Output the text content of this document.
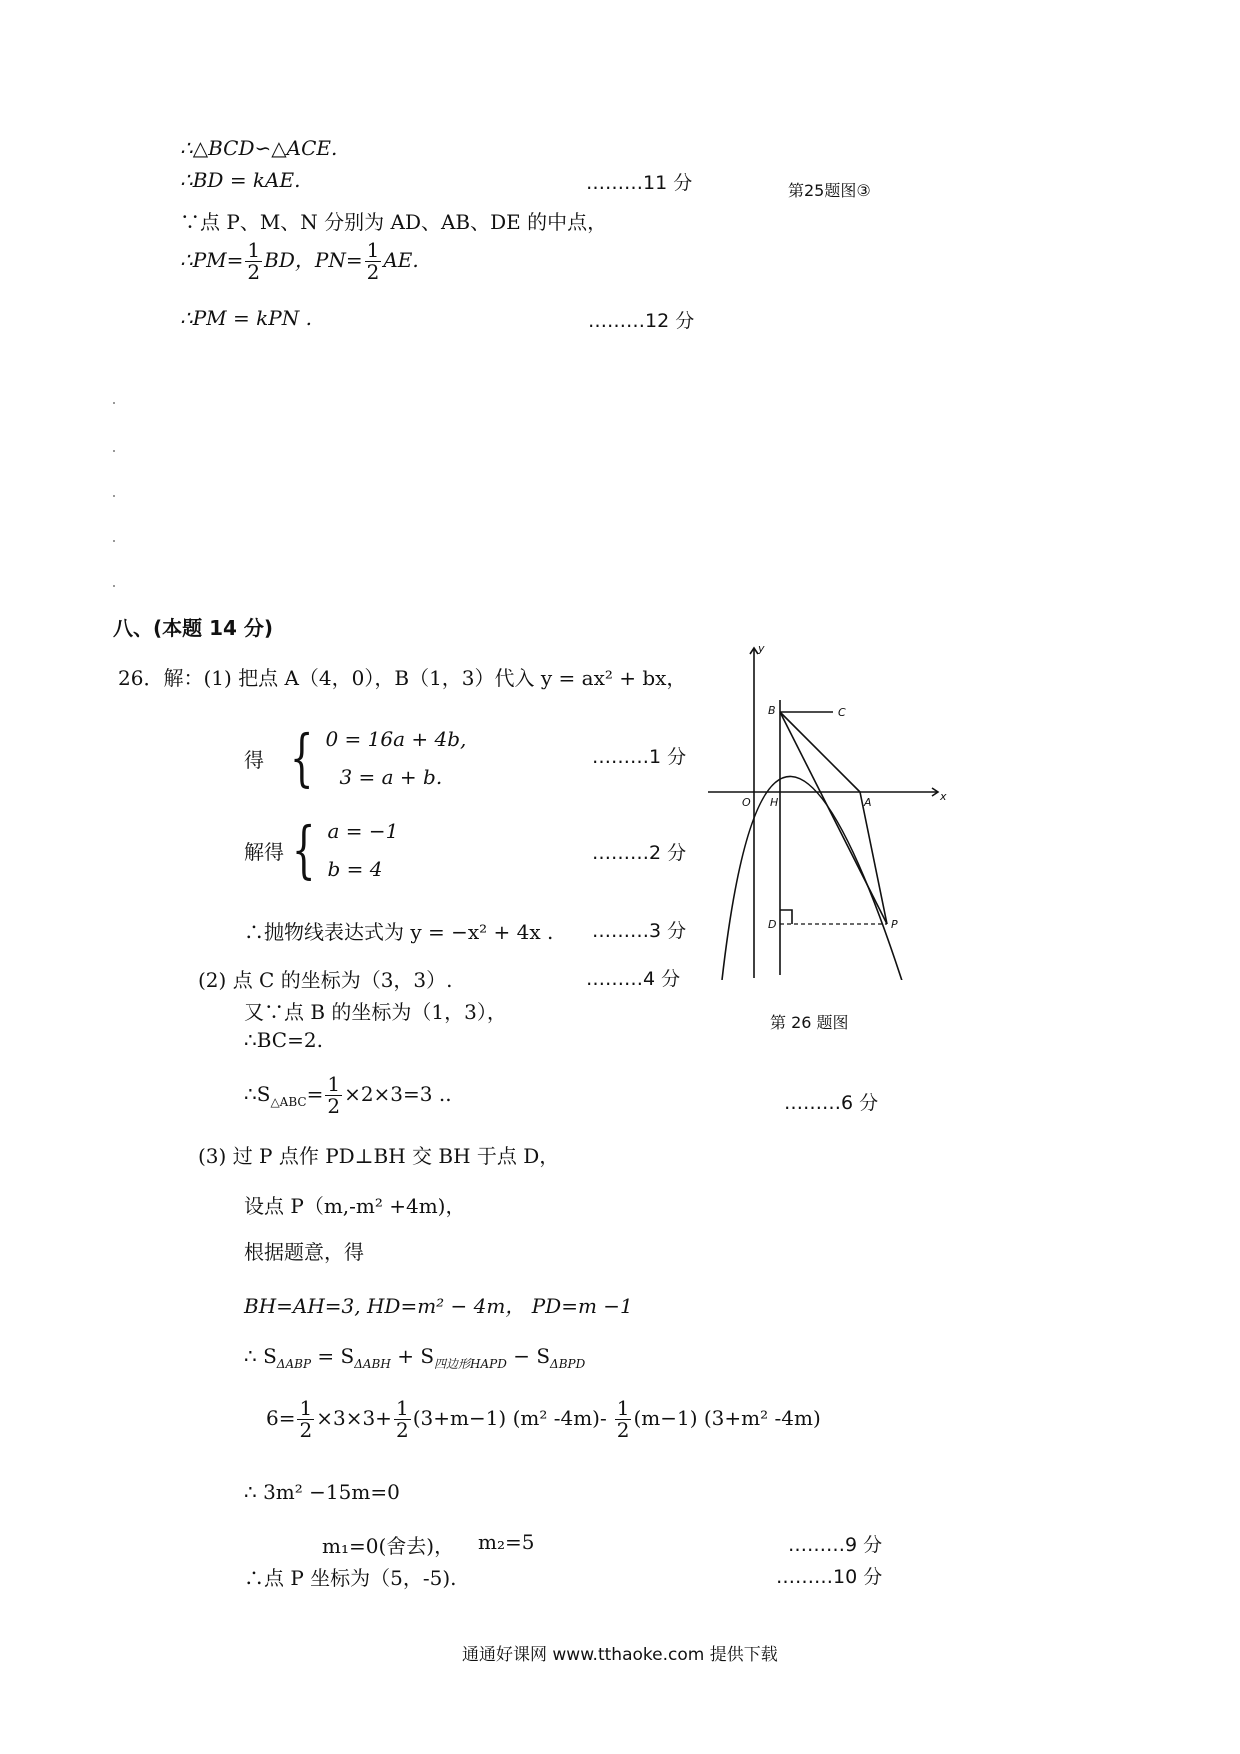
∴△BCD∽△ACE.
∴BD = kAE.	………11 分	第25题图③
∵点 P、M、N 分别为 AD、AB、DE 的中点，
∴PM= $\frac{1}{2}$ BD，$PN= \frac{1}{2}$ AE.
∴PM = kPN .	………12 分
八、(本题 14 分)
26．解：(1) 把点 A（4，0），B（1，3）代入 y = ax² + bx，
得 { 0 = 16a + 4b,
3 = a + b.
………1 分
解得 { a = −1
b = 4
………2 分
∴抛物线表达式为 y = −x² + 4x . ………3 分
(2) 点 C 的坐标为（3，3）.	………4 分
又∵点 B 的坐标为（1，3），
∴BC=2.
$\therefore S_{\triangle ABC}= \frac{1}{2} \times 2\times 3=3$ ..	………6 分
(3) 过 P 点作 PD⊥BH 交 BH 于点 D，
设点 P（m,-m² +4m)，
根据题意，得
BH=AH=3, HD=m² − 4m， PD=m −1
∴ $S_{\Delta ABP} = S_{\Delta ABH} + S_{四边形HAPD} - S_{\Delta BPD}$
$6= \frac{1}{2} \times 3\times 3+ \frac{1}{2} (3+m-1)$ (m² $-4m)- \frac{1}{2} (m-1)$ (3+m² -4m)
∴ 3m² −15m=0
m₁=0(舍去)， m₂=5	………9 分
∴点 P 坐标为（5，-5).	………10 分
y
x
O H	A
B	C
D	P
第 26 题图
通通好课网 www.tthaoke.com 提供下载
